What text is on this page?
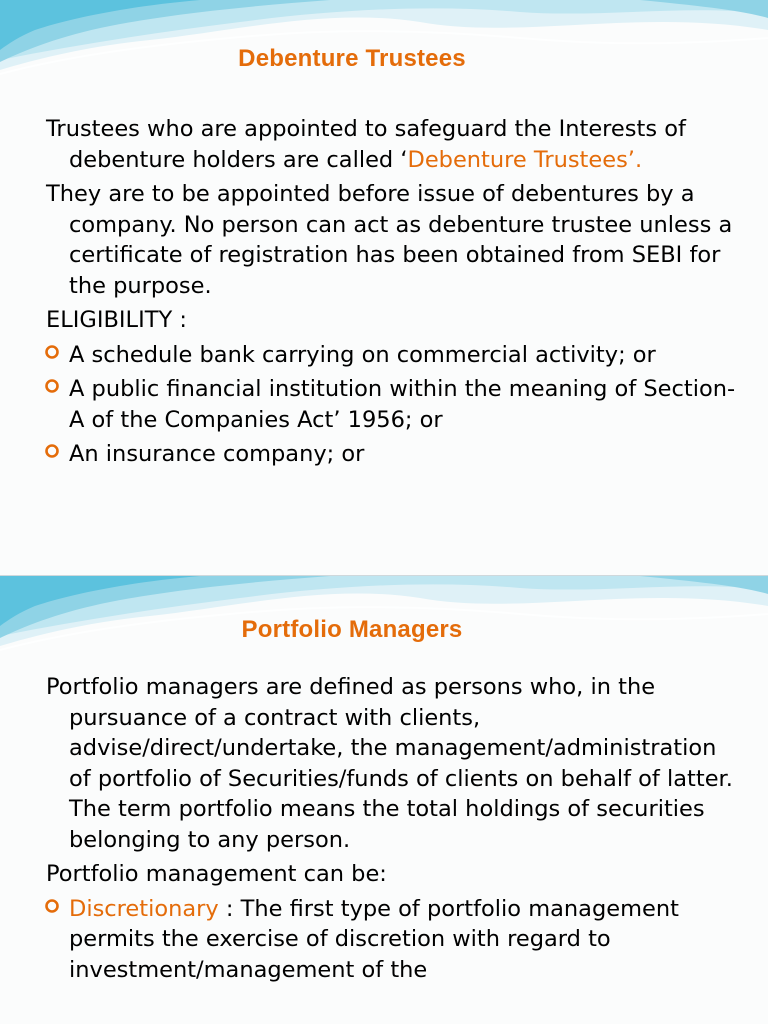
Debenture Trustees

Trustees who are appointed to safeguard the Interests of debenture holders are called ‘Debenture Trustees’.

They are to be appointed before issue of debentures by a company. No person can act as debenture trustee unless a certificate of registration has been obtained from SEBI for the purpose.

ELIGIBILITY :

A schedule bank carrying on commercial activity; or

A public financial institution within the meaning of Section-A of the Companies Act’ 1956; or

An insurance company; or

Portfolio Managers

Portfolio managers are defined as persons who, in the pursuance of a contract with clients, advise/direct/undertake, the management/administration of portfolio of Securities/funds of clients on behalf of latter. The term portfolio means the total holdings of securities belonging to any person.

Portfolio management can be:

Discretionary : The first type of portfolio management permits the exercise of discretion with regard to investment/management of the
